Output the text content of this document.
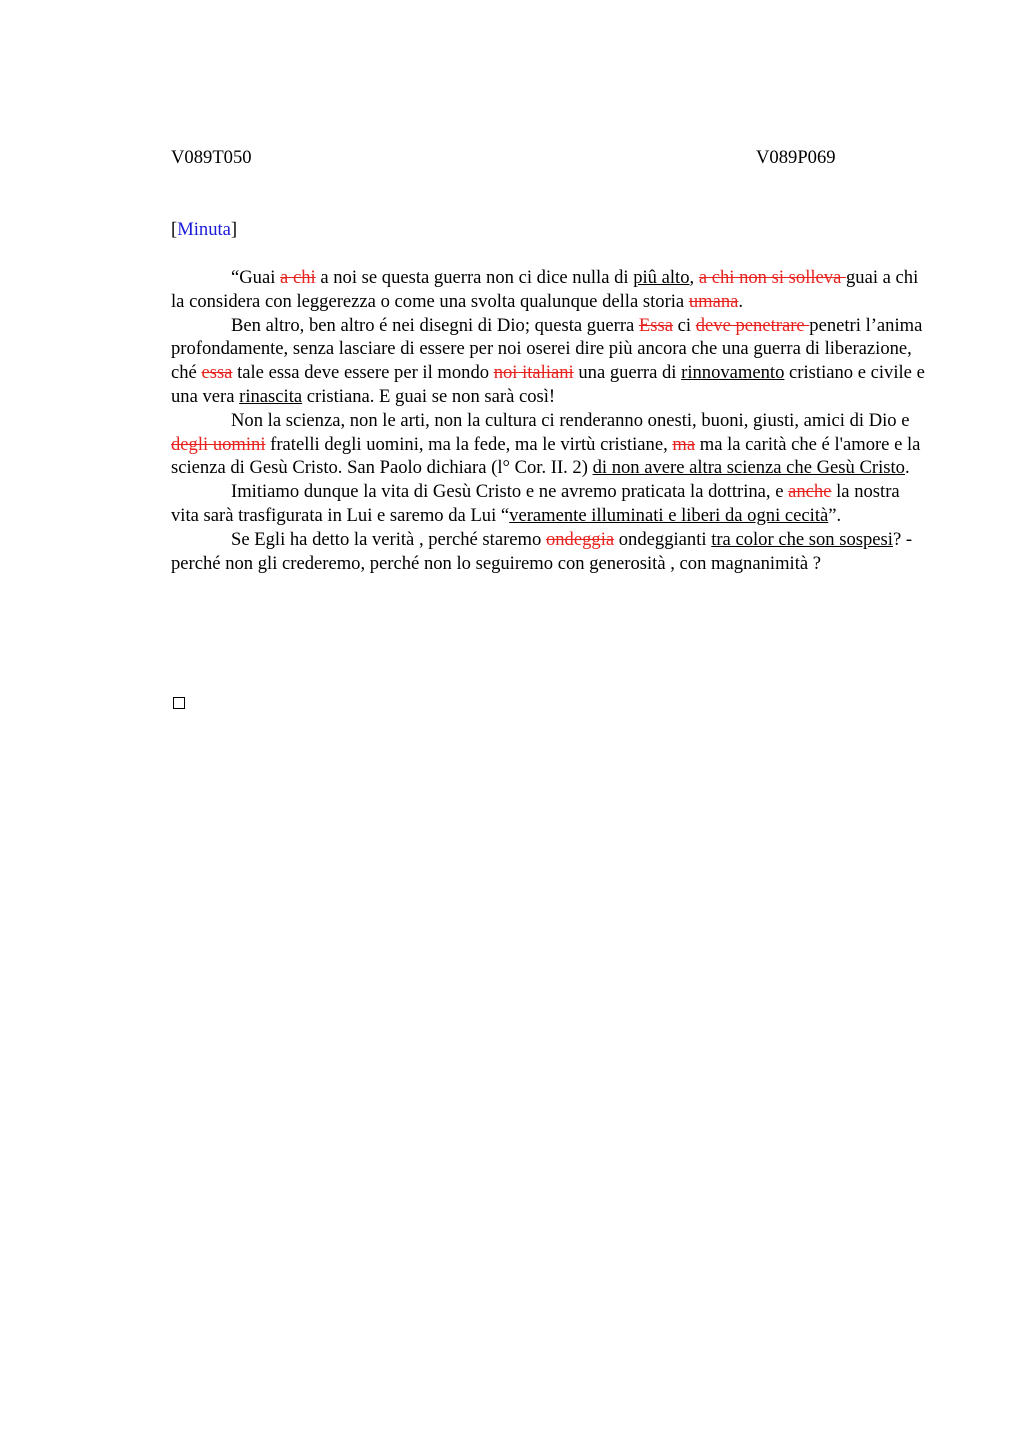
V089T050	V089P069
[Minuta]

“Guai a chi a noi se questa guerra non ci dice nulla di piû alto, a chi non si solleva guai a chi la considera con leggerezza o come una svolta qualunque della storia umana.

Ben altro, ben altro é nei disegni di Dio; questa guerra Essa ci deve penetrare penetri l’anima profondamente, senza lasciare di essere per noi oserei dire più ancora che una guerra di liberazione, ché essa tale essa deve essere per il mondo noi italiani una guerra di rinnovamento cristiano e civile e una vera rinascita cristiana. E guai se non sarà così!

Non la scienza, non le arti, non la cultura ci renderanno onesti, buoni, giusti, amici di Dio e degli uomini fratelli degli uomini, ma la fede, ma le virtù cristiane, ma ma la carità che é l'amore e la scienza di Gesù Cristo. San Paolo dichiara (l° Cor. II. 2) di non avere altra scienza che Gesù Cristo.

Imitiamo dunque la vita di Gesù Cristo e ne avremo praticata la dottrina, e anche la nostra vita sarà trasfigurata in Lui e saremo da Lui “veramente illuminati e liberi da ogni cecità”.

Se Egli ha detto la verità , perché staremo ondeggia ondeggianti tra color che son sospesi? - perché non gli crederemo, perché non lo seguiremo con generosità , con magnanimità ?
